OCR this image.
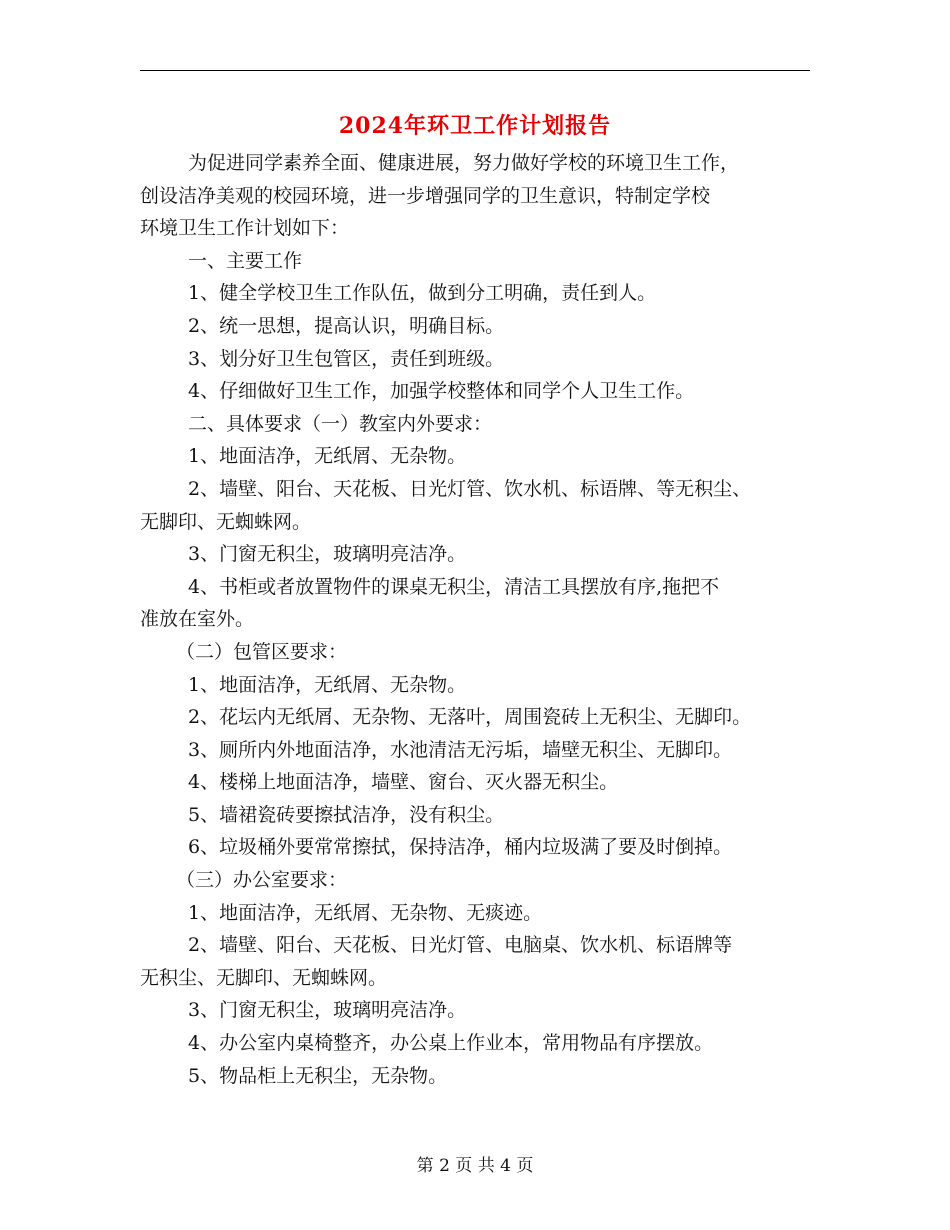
2024年环卫工作计划报告

为促进同学素养全面、健康进展，努力做好学校的环境卫生工作，

创设洁净美观的校园环境，进一步增强同学的卫生意识，特制定学校

环境卫生工作计划如下：

一、主要工作

1、健全学校卫生工作队伍，做到分工明确，责任到人。

2、统一思想，提高认识，明确目标。

3、划分好卫生包管区，责任到班级。

4、仔细做好卫生工作，加强学校整体和同学个人卫生工作。

二、具体要求（一）教室内外要求：

1、地面洁净，无纸屑、无杂物。

2、墙壁、阳台、天花板、日光灯管、饮水机、标语牌、等无积尘、

无脚印、无蜘蛛网。

3、门窗无积尘，玻璃明亮洁净。

4、书柜或者放置物件的课桌无积尘，清洁工具摆放有序,拖把不

准放在室外。

（二）包管区要求：

1、地面洁净，无纸屑、无杂物。

2、花坛内无纸屑、无杂物、无落叶，周围瓷砖上无积尘、无脚印。

3、厕所内外地面洁净，水池清洁无污垢，墙壁无积尘、无脚印。

4、楼梯上地面洁净，墙壁、窗台、灭火器无积尘。

5、墙裙瓷砖要擦拭洁净，没有积尘。

6、垃圾桶外要常常擦拭，保持洁净，桶内垃圾满了要及时倒掉。

（三）办公室要求：

1、地面洁净，无纸屑、无杂物、无痰迹。

2、墙壁、阳台、天花板、日光灯管、电脑桌、饮水机、标语牌等

无积尘、无脚印、无蜘蛛网。

3、门窗无积尘，玻璃明亮洁净。

4、办公室内桌椅整齐，办公桌上作业本，常用物品有序摆放。

5、物品柜上无积尘，无杂物。

第 2 页 共 4 页
